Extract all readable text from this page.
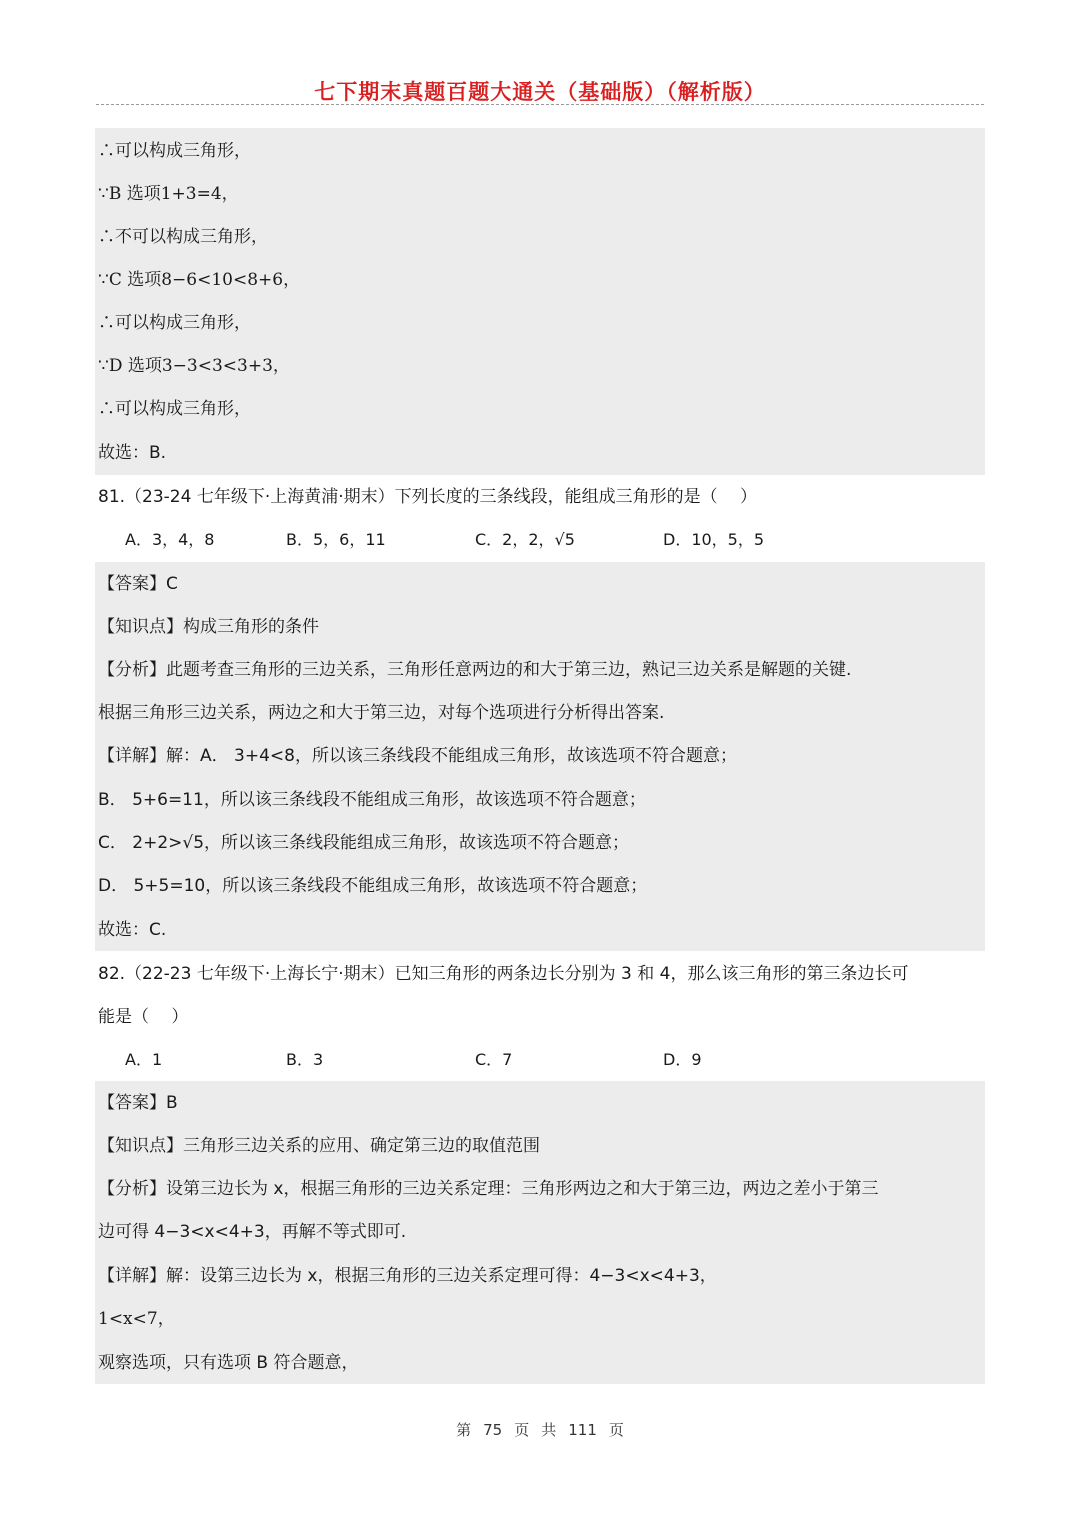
七下期末真题百题大通关（基础版）（解析版）
∴可以构成三角形，
∵B 选项1+3=4，
∴不可以构成三角形，
∵C 选项8−6<10<8+6，
∴可以构成三角形，
∵D 选项3−3<3<3+3，
∴可以构成三角形，
故选：B.
81.（23-24 七年级下·上海黄浦·期末）下列长度的三条线段，能组成三角形的是（　 ）
A．3，4，8	B．5，6，11	C．2，2，√5	D．10，5，5
【答案】C
【知识点】构成三角形的条件
【分析】此题考查三角形的三边关系，三角形任意两边的和大于第三边，熟记三边关系是解题的关键.
根据三角形三边关系，两边之和大于第三边，对每个选项进行分析得出答案.
【详解】解：A． 3+4<8，所以该三条线段不能组成三角形，故该选项不符合题意；
B． 5+6=11，所以该三条线段不能组成三角形，故该选项不符合题意；
C． 2+2>√5，所以该三条线段能组成三角形，故该选项不符合题意；
D． 5+5=10，所以该三条线段不能组成三角形，故该选项不符合题意；
故选：C.
82.（22-23 七年级下·上海长宁·期末）已知三角形的两条边长分别为 3 和 4，那么该三角形的第三条边长可
能是（　 ）
A．1	B．3	C．7	D．9
【答案】B
【知识点】三角形三边关系的应用、确定第三边的取值范围
【分析】设第三边长为 x，根据三角形的三边关系定理：三角形两边之和大于第三边，两边之差小于第三
边可得 4−3<x<4+3，再解不等式即可.
【详解】解：设第三边长为 x，根据三角形的三边关系定理可得：4−3<x<4+3，
1<x<7，
观察选项，只有选项 B 符合题意，
第 75 页 共 111 页
